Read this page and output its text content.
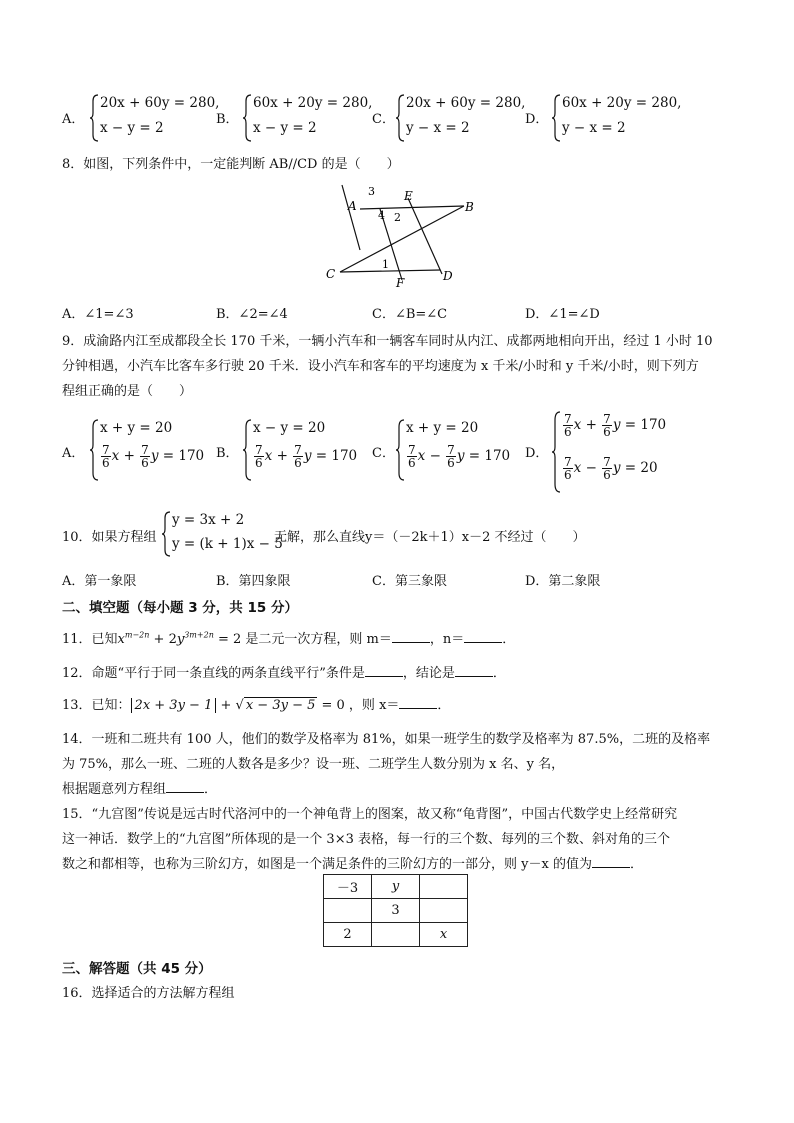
A．
20x + 60y = 280,
x − y = 2
B．
60x + 20y = 280,
x − y = 2
C．
20x + 60y = 280,
y − x = 2
D．
60x + 20y = 280,
y − x = 2
8．如图，下列条件中，一定能判断 AB//CD 的是（　　）
A	B
C	D
E
F
1
2
3
4
A．∠1=∠3	B．∠2=∠4	C．∠B=∠C	D．∠1=∠D
9．成渝路内江至成都段全长 170 千米，一辆小汽车和一辆客车同时从内江、成都两地相向开出，经过 1 小时 10
分钟相遇，小汽车比客车多行驶 20 千米．设小汽车和客车的平均速度为 x 千米/小时和 y 千米/小时，则下列方
程组正确的是（　　）
A．
x + y = 20
$\frac{7}{6}$ $x + \frac{7}{6}$ y = 170 B．
x − y = 20
$\frac{7}{6}$ $x + \frac{7}{6}$ y = 170 C．
x + y = 20
$\frac{7}{6}$ $x - \frac{7}{6}$ y = 170 D．
$\frac{7}{6}$ $x + \frac{7}{6}$ y = 170
$\frac{7}{6}$ $x - \frac{7}{6}$ y = 20
10．如果方程组
y = 3x + 2
y = (k + 1)x − 5
无解，那么直线y＝（－2k＋1）x－2 不经过（　　）
A．第一象限	B．第四象限	C．第三象限	D．第二象限
二、填空题（每小题 3 分，共 15 分）
11．已知$x^{m-2n} + 2y^{3m+2n} = 2$ 是二元一次方程，则 m＝	，n＝	．
12．命题“平行于同一条直线的两条直线平行”条件是	，结论是	．
13．已知： 2x + 3y − 1 + √ x − 3y − 5 = 0 ，则 x＝	．
14．一班和二班共有 100 人，他们的数学及格率为 81%，如果一班学生的数学及格率为 87.5%，二班的及格率
为 75%，那么一班、二班的人数各是多少？设一班、二班学生人数分别为 x 名、y 名，
根据题意列方程组	．
15．“九宫图”传说是远古时代洛河中的一个神龟背上的图案，故又称“龟背图”，中国古代数学史上经常研究
这一神话．数学上的“九宫图”所体现的是一个 3×3 表格，每一行的三个数、每列的三个数、斜对角的三个
数之和都相等，也称为三阶幻方，如图是一个满足条件的三阶幻方的一部分，则 y－x 的值为	．
－3	y	
	3	
2		x
三、解答题（共 45 分）
16．选择适合的方法解方程组
